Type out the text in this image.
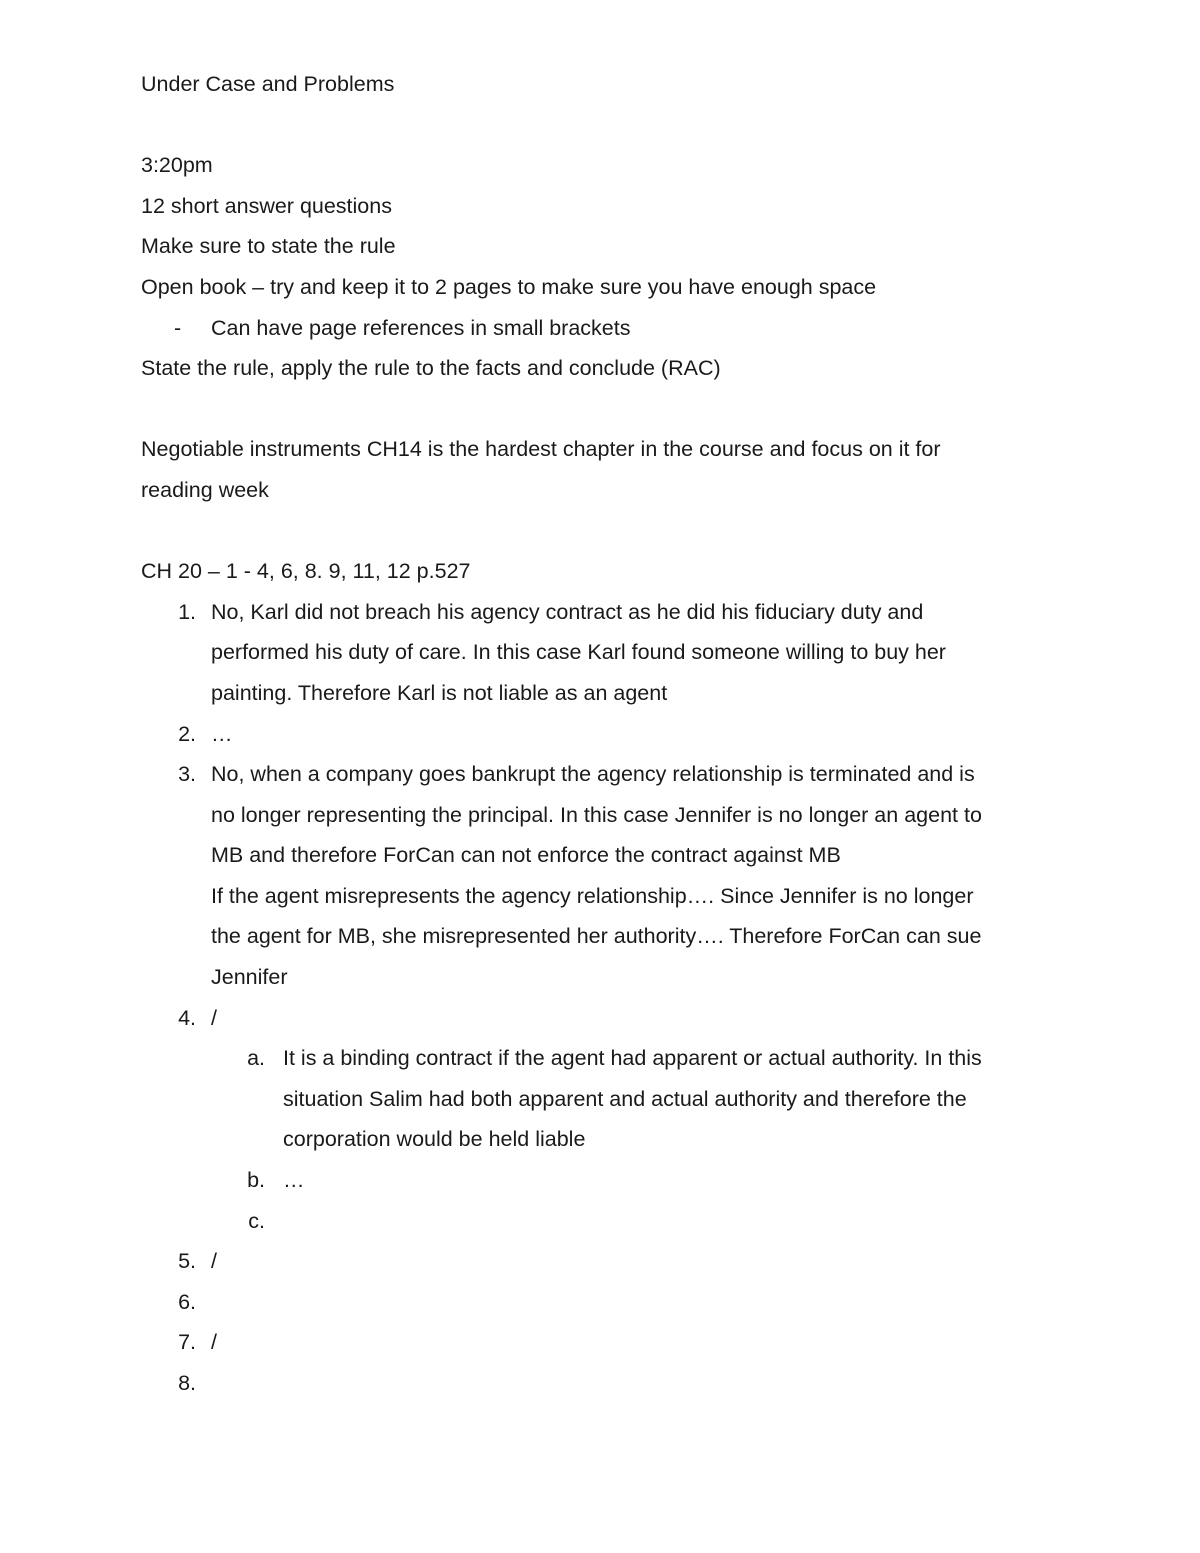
Under Case and Problems
3:20pm
12 short answer questions
Make sure to state the rule
Open book – try and keep it to 2 pages to make sure you have enough space
-	Can have page references in small brackets
State the rule, apply the rule to the facts and conclude (RAC)
Negotiable instruments CH14 is the hardest chapter in the course and focus on it for
reading week
CH 20 – 1 - 4, 6, 8. 9, 11, 12 p.527
1. No, Karl did not breach his agency contract as he did his fiduciary duty and
performed his duty of care. In this case Karl found someone willing to buy her
painting. Therefore Karl is not liable as an agent
2. …
3. No, when a company goes bankrupt the agency relationship is terminated and is
no longer representing the principal. In this case Jennifer is no longer an agent to
MB and therefore ForCan can not enforce the contract against MB
If the agent misrepresents the agency relationship…. Since Jennifer is no longer
the agent for MB, she misrepresented her authority…. Therefore ForCan can sue
Jennifer
4. /
a. It is a binding contract if the agent had apparent or actual authority. In this
situation Salim had both apparent and actual authority and therefore the
corporation would be held liable
b. …
c.
5. /
6.
7. /
8.
